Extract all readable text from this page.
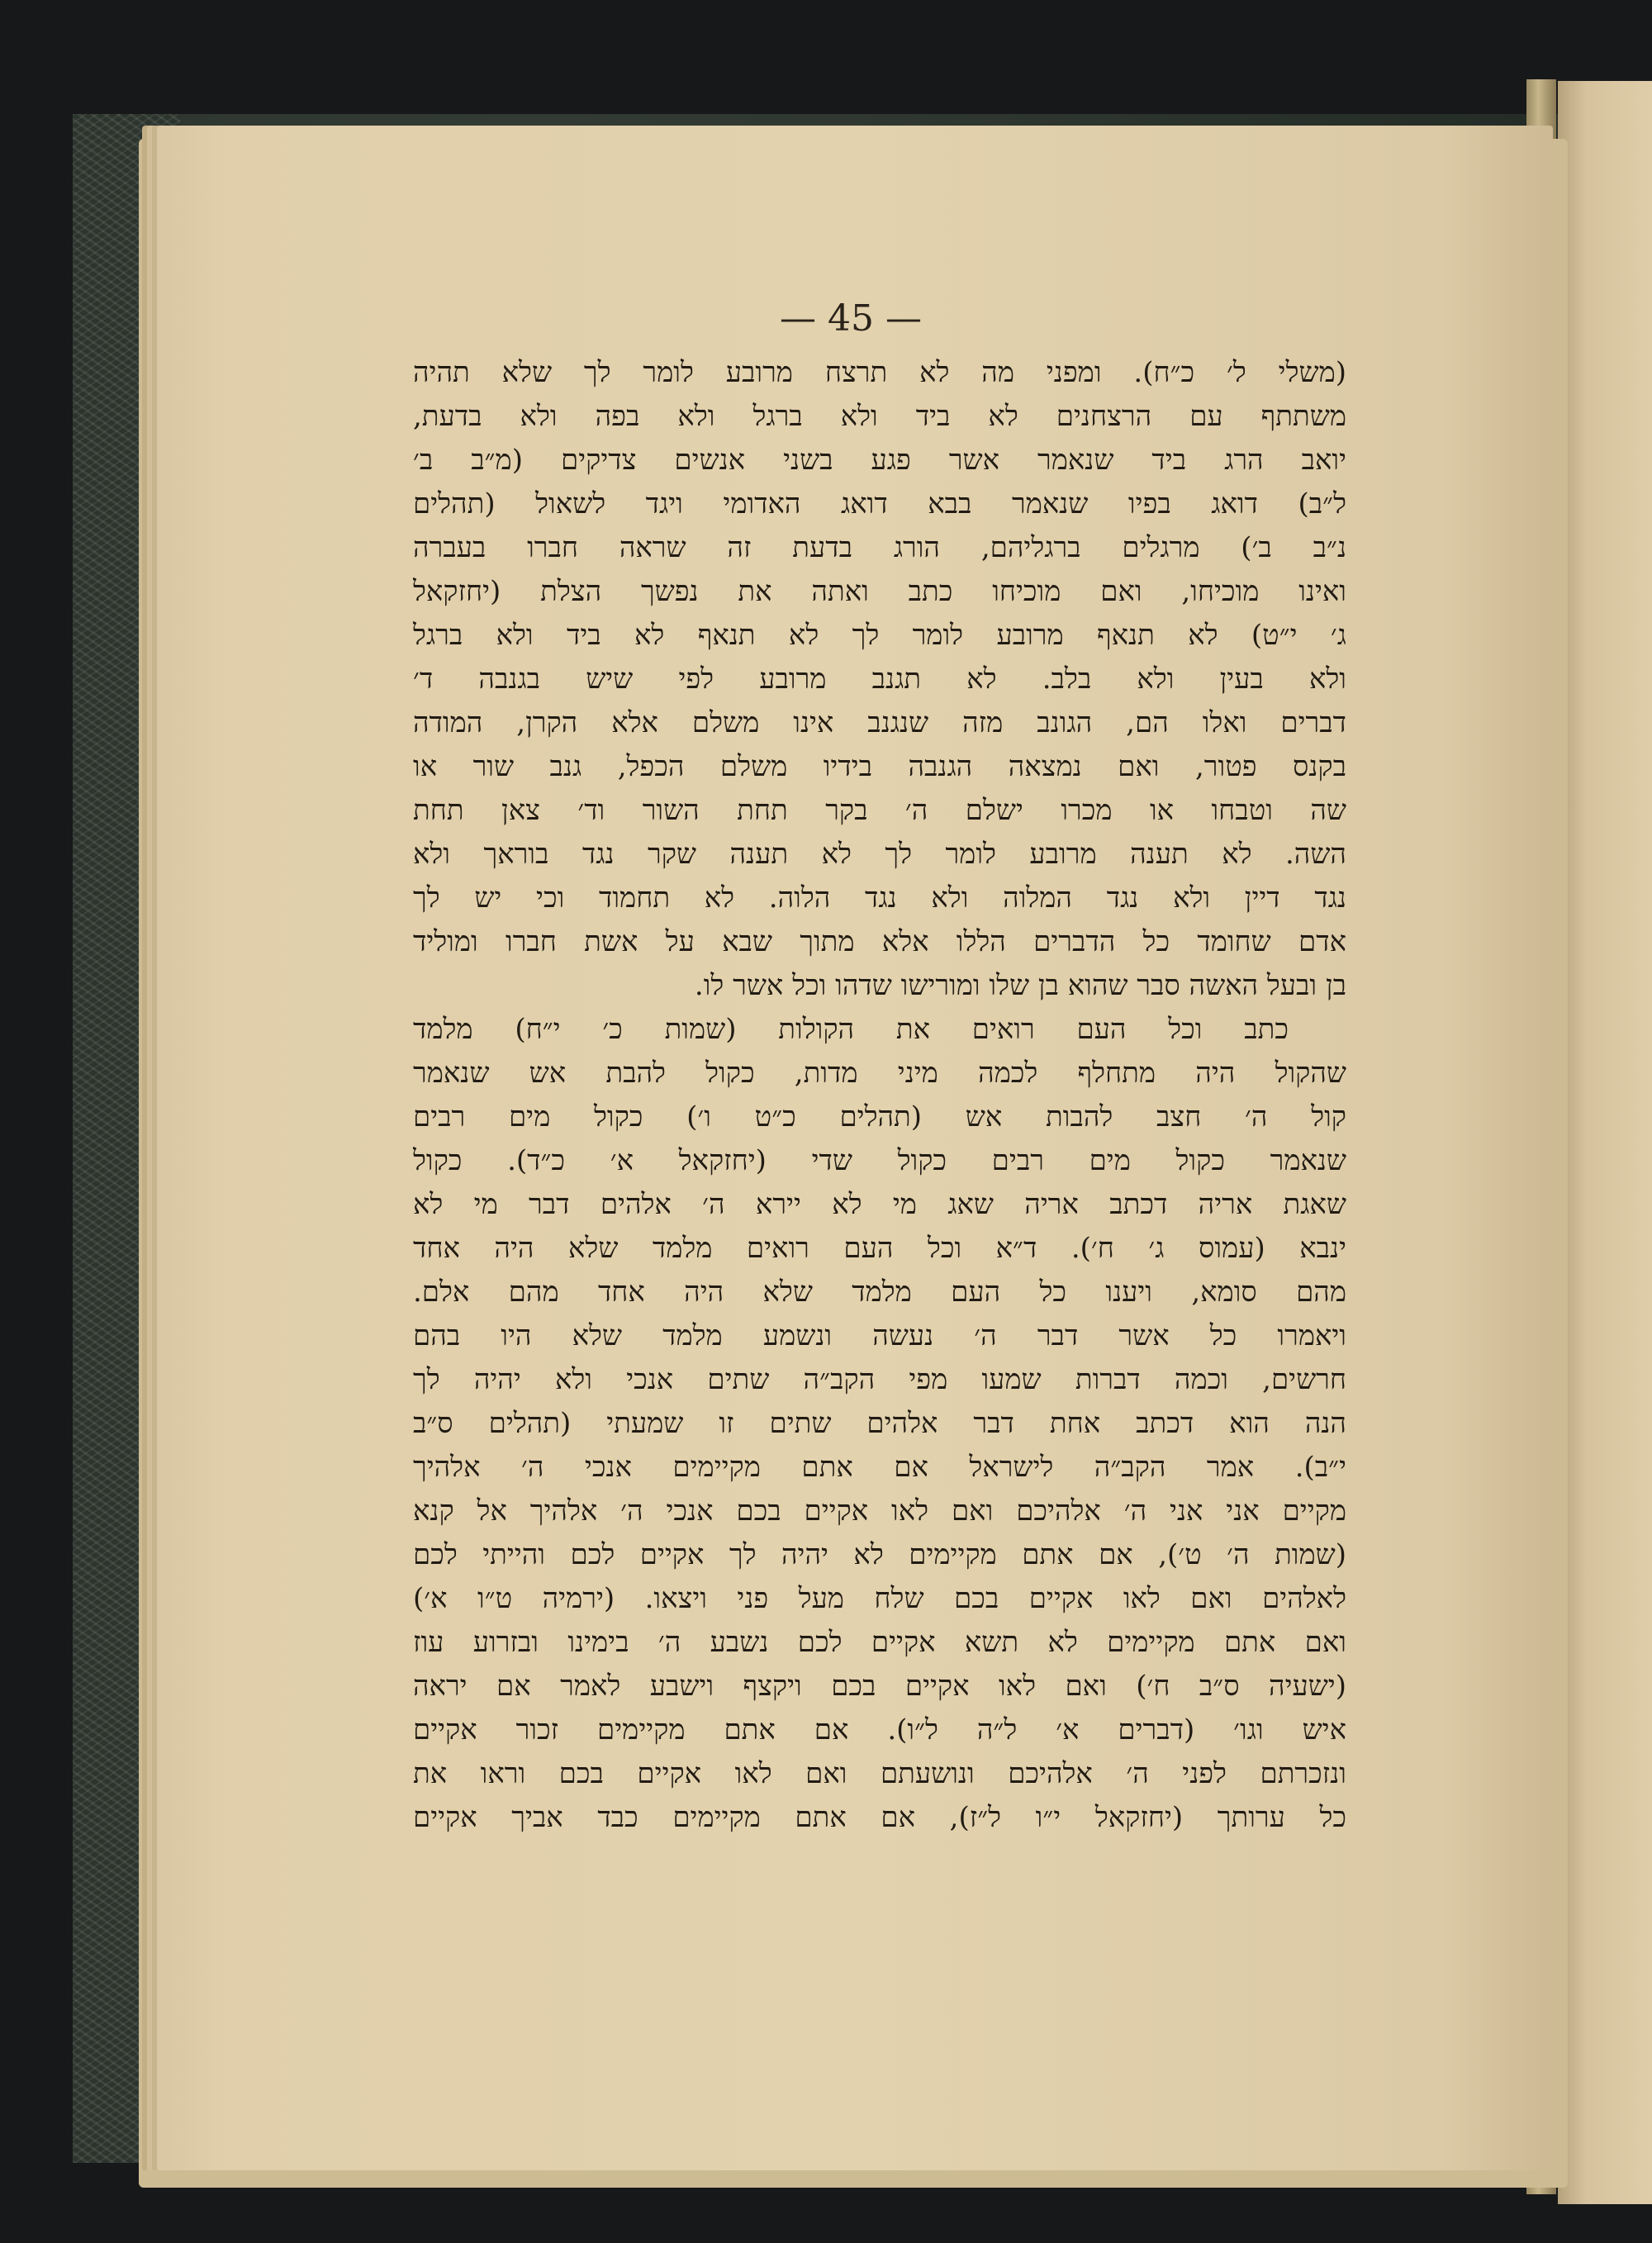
— 45 —
(משלי ל׳ כ״ח). ומפני מה לא תרצח מרובע לומר לך שלא תהיה
משתתף עם הרצחנים לא ביד ולא ברגל ולא בפה ולא בדעת,
יואב הרג ביד שנאמר אשר פגע בשני אנשים צדיקים (מ״ב ב׳
ל״ב) דואג בפיו שנאמר בבא דואג האדומי ויגד לשאול (תהלים
נ״ב ב׳) מרגלים ברגליהם, הורג בדעת זה שראה חברו בעברה
ואינו מוכיחו, ואם מוכיחו כתב ואתה את נפשך הצלת (יחזקאל
ג׳ י״ט) לא תנאף מרובע לומר לך לא תנאף לא ביד ולא ברגל
ולא בעין ולא בלב. לא תגנב מרובע לפי שיש בגנבה ד׳
דברים ואלו הם, הגונב מזה שנגנב אינו משלם אלא הקרן, המודה
בקנס פטור, ואם נמצאה הגנבה בידיו משלם הכפל, גנב שור או
שה וטבחו או מכרו ישלם ה׳ בקר תחת השור וד׳ צאן תחת
השה. לא תענה מרובע לומר לך לא תענה שקר נגד בוראך ולא
נגד דיין ולא נגד המלוה ולא נגד הלוה. לא תחמוד וכי יש לך
אדם שחומד כל הדברים הללו אלא מתוך שבא על אשת חברו ומוליד
בן ובעל האשה סבר שהוא בן שלו ומורישו שדהו וכל אשר לו.
כתב וכל העם רואים את הקולות (שמות כ׳ י״ח) מלמד
שהקול היה מתחלף לכמה מיני מדות, כקול להבת אש שנאמר
קול ה׳ חצב להבות אש (תהלים כ״ט ו׳) כקול מים רבים
שנאמר כקול מים רבים כקול שדי (יחזקאל א׳ כ״ד). כקול
שאגת אריה דכתב אריה שאג מי לא יירא ה׳ אלהים דבר מי לא
ינבא (עמוס ג׳ ח׳). ד״א וכל העם רואים מלמד שלא היה אחד
מהם סומא, ויענו כל העם מלמד שלא היה אחד מהם אלם.
ויאמרו כל אשר דבר ה׳ נעשה ונשמע מלמד שלא היו בהם
חרשים, וכמה דברות שמעו מפי הקב״ה שתים אנכי ולא יהיה לך
הנה הוא דכתב אחת דבר אלהים שתים זו שמעתי (תהלים ס״ב
י״ב). אמר הקב״ה לישראל אם אתם מקיימים אנכי ה׳ אלהיך
מקיים אני אני ה׳ אלהיכם ואם לאו אקיים בכם אנכי ה׳ אלהיך אל קנא
(שמות ה׳ ט׳), אם אתם מקיימים לא יהיה לך אקיים לכם והייתי לכם
לאלהים ואם לאו אקיים בכם שלח מעל פני ויצאו. (ירמיה ט״ו א׳)
ואם אתם מקיימים לא תשא אקיים לכם נשבע ה׳ בימינו ובזרוע עוז
(ישעיה ס״ב ח׳) ואם לאו אקיים בכם ויקצף וישבע לאמר אם יראה
איש וגו׳ (דברים א׳ ל״ה ל״ו). אם אתם מקיימים זכור אקיים
ונזכרתם לפני ה׳ אלהיכם ונושעתם ואם לאו אקיים בכם וראו את
כל ערותך (יחזקאל י״ו ל״ז), אם אתם מקיימים כבד אביך אקיים
